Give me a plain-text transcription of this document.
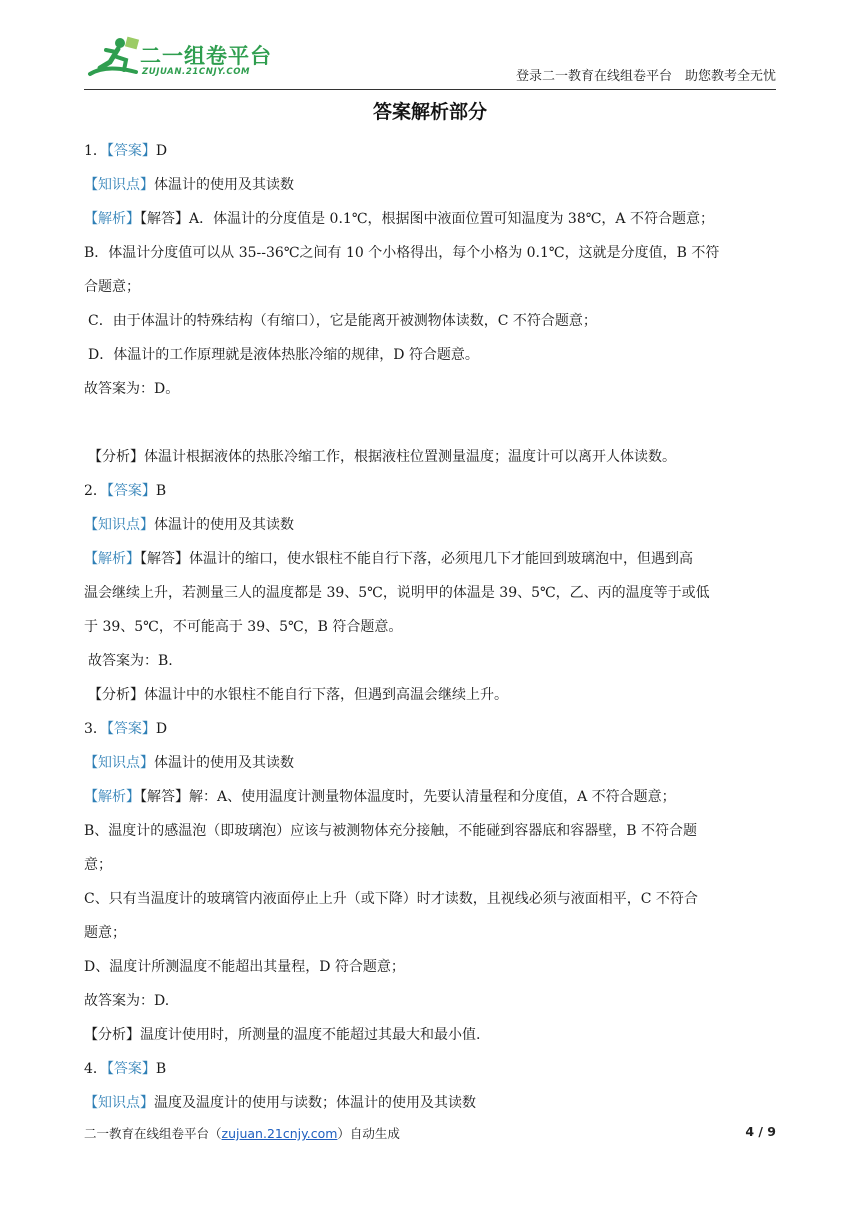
二一组卷平台
ZUJUAN.21CNJY.COM	登录二一教育在线组卷平台　助您教考全无忧
答案解析部分
1．【答案】D
【知识点】体温计的使用及其读数
【解析】【解答】A．体温计的分度值是 0.1℃，根据图中液面位置可知温度为 38℃，A 不符合题意；
B．体温计分度值可以从 35--36℃之间有 10 个小格得出，每个小格为 0.1℃，这就是分度值，B 不符
合题意；
C．由于体温计的特殊结构（有缩口），它是能离开被测物体读数，C 不符合题意；
D．体温计的工作原理就是液体热胀冷缩的规律，D 符合题意。
故答案为：D。
【分析】体温计根据液体的热胀冷缩工作，根据液柱位置测量温度；温度计可以离开人体读数。
2．【答案】B
【知识点】体温计的使用及其读数
【解析】【解答】体温计的缩口，使水银柱不能自行下落，必须甩几下才能回到玻璃泡中，但遇到高
温会继续上升，若测量三人的温度都是 39、5℃，说明甲的体温是 39、5℃，乙、丙的温度等于或低
于 39、5℃，不可能高于 39、5℃，B 符合题意。
故答案为：B.
【分析】体温计中的水银柱不能自行下落，但遇到高温会继续上升。
3．【答案】D
【知识点】体温计的使用及其读数
【解析】【解答】解：A、使用温度计测量物体温度时，先要认清量程和分度值，A 不符合题意；
B、温度计的感温泡（即玻璃泡）应该与被测物体充分接触，不能碰到容器底和容器壁，B 不符合题
意；
C、只有当温度计的玻璃管内液面停止上升（或下降）时才读数，且视线必须与液面相平，C 不符合
题意；
D、温度计所测温度不能超出其量程，D 符合题意；
故答案为：D.
【分析】温度计使用时，所测量的温度不能超过其最大和最小值.
4．【答案】B
【知识点】温度及温度计的使用与读数；体温计的使用及其读数
二一教育在线组卷平台（zujuan.21cnjy.com）自动生成	4 / 9
